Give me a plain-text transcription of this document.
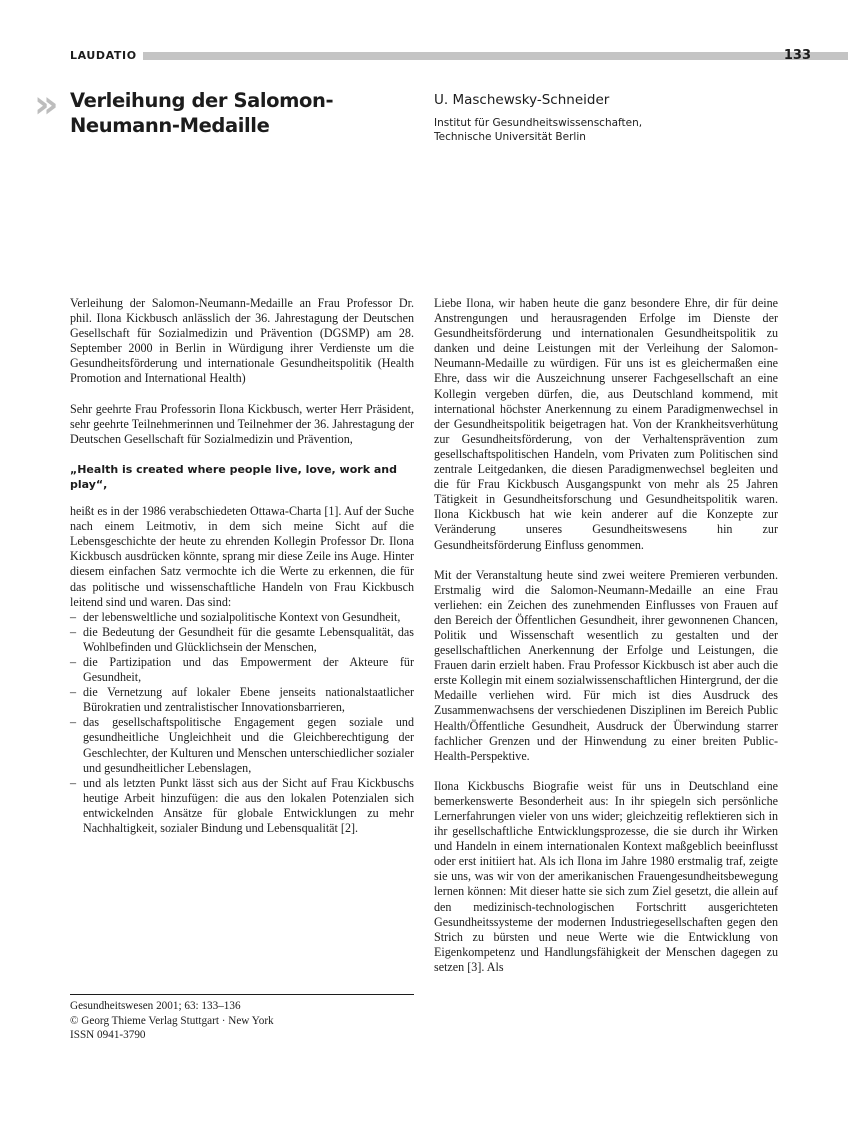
LAUDATIO	133
» Verleihung der Salomon-
Neumann-Medaille
U. Maschewsky-Schneider
Institut für Gesundheitswissenschaften,
Technische Universität Berlin

Verleihung der Salomon-Neumann-Medaille an Frau Professor Dr. phil. Ilona Kickbusch anlässlich der 36. Jahrestagung der Deutschen Gesellschaft für Sozialmedizin und Prävention (DGSMP) am 28. September 2000 in Berlin in Würdigung ihrer Verdienste um die Gesundheitsförderung und internationale Gesundheitspolitik (Health Promotion and International Health)

Sehr geehrte Frau Professorin Ilona Kickbusch, werter Herr Präsident, sehr geehrte Teilnehmerinnen und Teilnehmer der 36. Jahrestagung der Deutschen Gesellschaft für Sozialmedizin und Prävention,

„Health is created where people live, love, work and play“,

heißt es in der 1986 verabschiedeten Ottawa-Charta [1]. Auf der Suche nach einem Leitmotiv, in dem sich meine Sicht auf die Lebensgeschichte der heute zu ehrenden Kollegin Professor Dr. Ilona Kickbusch ausdrücken könnte, sprang mir diese Zeile ins Auge. Hinter diesem einfachen Satz vermochte ich die Werte zu erkennen, die für das politische und wissenschaftliche Handeln von Frau Kickbusch leitend sind und waren. Das sind:

– der lebensweltliche und sozialpolitische Kontext von Gesundheit,
– die Bedeutung der Gesundheit für die gesamte Lebensqualität, das Wohlbefinden und Glücklichsein der Menschen,
– die Partizipation und das Empowerment der Akteure für Gesundheit,
– die Vernetzung auf lokaler Ebene jenseits nationalstaatlicher Bürokratien und zentralistischer Innovationsbarrieren,
– das gesellschaftspolitische Engagement gegen soziale und gesundheitliche Ungleichheit und die Gleichberechtigung der Geschlechter, der Kulturen und Menschen unterschiedlicher sozialer und gesundheitlicher Lebenslagen,
– und als letzten Punkt lässt sich aus der Sicht auf Frau Kickbuschs heutige Arbeit hinzufügen: die aus den lokalen Potenzialen sich entwickelnden Ansätze für globale Entwicklungen zu mehr Nachhaltigkeit, sozialer Bindung und Lebensqualität [2].

Liebe Ilona, wir haben heute die ganz besondere Ehre, dir für deine Anstrengungen und herausragenden Erfolge im Dienste der Gesundheitsförderung und internationalen Gesundheitspolitik zu danken und deine Leistungen mit der Verleihung der Salomon-Neumann-Medaille zu würdigen. Für uns ist es gleichermaßen eine Ehre, dass wir die Auszeichnung unserer Fachgesellschaft an eine Kollegin vergeben dürfen, die, aus Deutschland kommend, mit international höchster Anerkennung zu einem Paradigmenwechsel in der Gesundheitspolitik beigetragen hat. Von der Krankheitsverhütung zur Gesundheitsförderung, von der Verhaltensprävention zum gesellschaftspolitischen Handeln, vom Privaten zum Politischen sind zentrale Leitgedanken, die diesen Paradigmenwechsel begleiten und die für Frau Kickbusch Ausgangspunkt von mehr als 25 Jahren Tätigkeit in Gesundheitsforschung und Gesundheitspolitik waren. Ilona Kickbusch hat wie kein anderer auf die Konzepte zur Veränderung unseres Gesundheitswesens hin zur Gesundheitsförderung Einfluss genommen.

Mit der Veranstaltung heute sind zwei weitere Premieren verbunden. Erstmalig wird die Salomon-Neumann-Medaille an eine Frau verliehen: ein Zeichen des zunehmenden Einflusses von Frauen auf den Bereich der Öffentlichen Gesundheit, ihrer gewonnenen Chancen, Politik und Wissenschaft wesentlich zu gestalten und der gesellschaftlichen Anerkennung der Erfolge und Leistungen, die Frauen darin erzielt haben. Frau Professor Kickbusch ist aber auch die erste Kollegin mit einem sozialwissenschaftlichen Hintergrund, der die Medaille verliehen wird. Für mich ist dies Ausdruck des Zusammenwachsens der verschiedenen Disziplinen im Bereich Public Health/Öffentliche Gesundheit, Ausdruck der Überwindung starrer fachlicher Grenzen und der Hinwendung zu einer breiten Public-Health-Perspektive.

Ilona Kickbuschs Biografie weist für uns in Deutschland eine bemerkenswerte Besonderheit aus: In ihr spiegeln sich persönliche Lernerfahrungen vieler von uns wider; gleichzeitig reflektieren sich in ihr gesellschaftliche Entwicklungsprozesse, die sie durch ihr Wirken und Handeln in einem internationalen Kontext maßgeblich beeinflusst oder erst initiiert hat. Als ich Ilona im Jahre 1980 erstmalig traf, zeigte sie uns, was wir von der amerikanischen Frauengesundheitsbewegung lernen können: Mit dieser hatte sie sich zum Ziel gesetzt, die allein auf den medizinisch-technologischen Fortschritt ausgerichteten Gesundheitssysteme der modernen Industriegesellschaften gegen den Strich zu bürsten und neue Werte wie die Entwicklung von Eigenkompetenz und Handlungsfähigkeit der Menschen dagegen zu setzen [3]. Als

Gesundheitswesen 2001; 63: 133–136
© Georg Thieme Verlag Stuttgart · New York
ISSN 0941-3790
